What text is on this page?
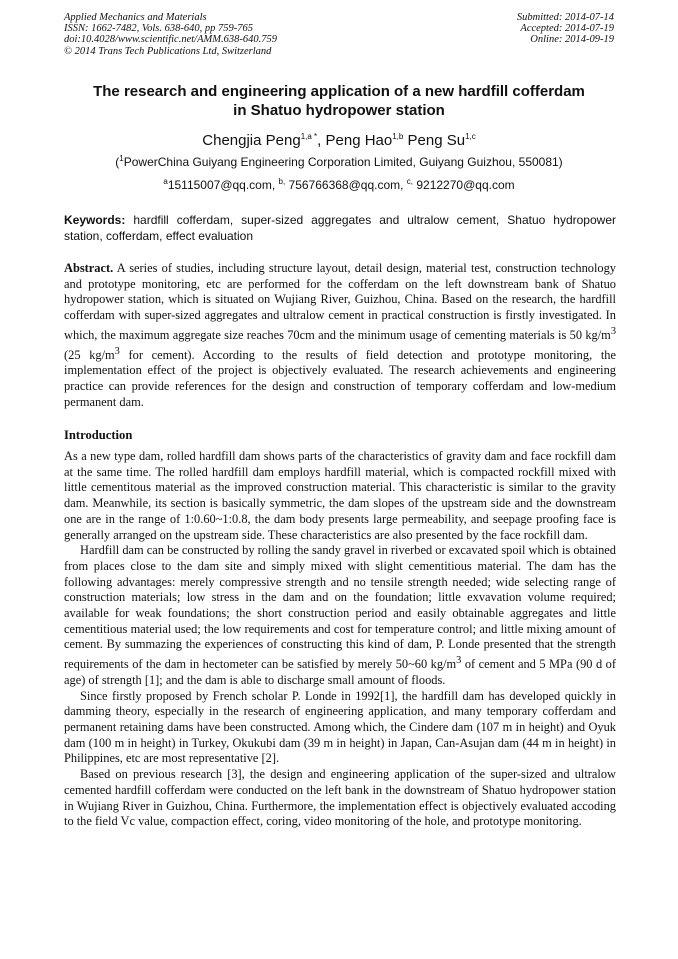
Applied Mechanics and Materials
ISSN: 1662-7482, Vols. 638-640, pp 759-765
doi:10.4028/www.scientific.net/AMM.638-640.759
© 2014 Trans Tech Publications Ltd, Switzerland
Submitted: 2014-07-14
Accepted: 2014-07-19
Online: 2014-09-19
The research and engineering application of a new hardfill cofferdam
in Shatuo hydropower station
Chengjia Peng$^{1,a *}$, Peng Hao$^{1,b}$ Peng Su$^{1,c}$
($^1$PowerChina Guiyang Engineering Corporation Limited, Guiyang Guizhou, 550081)
$^a$15115007@qq.com, $^{b,}$ 756766368@qq.com, $^{c,}$ 9212270@qq.com
Keywords: hardfill cofferdam, super-sized aggregates and ultralow cement, Shatuo hydropower station, cofferdam, effect evaluation
Abstract. A series of studies, including structure layout, detail design, material test, construction technology and prototype monitoring, etc are performed for the cofferdam on the left downstream bank of Shatuo hydropower station, which is situated on Wujiang River, Guizhou, China. Based on the research, the hardfill cofferdam with super-sized aggregates and ultralow cement in practical construction is firstly investigated. In which, the maximum aggregate size reaches 70cm and the minimum usage of cementing materials is 50 $kg/m^3$ (25 $kg/m^3$ for cement). According to the results of field detection and prototype monitoring, the implementation effect of the project is objectively evaluated. The research achievements and engineering practice can provide references for the design and construction of temporary cofferdam and low-medium permanent dam.
Introduction

As a new type dam, rolled hardfill dam shows parts of the characteristics of gravity dam and face rockfill dam at the same time. The rolled hardfill dam employs hardfill material, which is compacted rockfill mixed with little cementitous material as the improved construction material. This characteristic is similar to the gravity dam. Meanwhile, its section is basically symmetric, the dam slopes of the upstream side and the downstream one are in the range of 1:0.60~1:0.8, the dam body presents large permeability, and seepage proofing face is generally arranged on the upstream side. These characteristics are also presented by the face rockfill dam.

Hardfill dam can be constructed by rolling the sandy gravel in riverbed or excavated spoil which is obtained from places close to the dam site and simply mixed with slight cementitious material. The dam has the following advantages: merely compressive strength and no tensile strength needed; wide selecting range of construction materials; low stress in the dam and on the foundation; little exvavation volume required; available for weak foundations; the short construction period and easily obtainable aggregates and little cementitious material used; the low requirements and cost for temperature control; and little mixing amount of cement. By summazing the experiences of constructing this kind of dam, P. Londe presented that the strength requirements of the dam in hectometer can be satisfied by merely 50~60 $kg/m^3$ of cement and 5 MPa (90 d of age) of strength [1]; and the dam is able to discharge small amount of floods.

Since firstly proposed by French scholar P. Londe in 1992[1], the hardfill dam has developed quickly in damming theory, especially in the research of engineering application, and many temporary cofferdam and permanent retaining dams have been constructed. Among which, the Cindere dam (107 m in height) and Oyuk dam (100 m in height) in Turkey, Okukubi dam (39 m in height) in Japan, Can-Asujan dam (44 m in height) in Philippines, etc are most representative [2].

Based on previous research [3], the design and engineering application of the super-sized and ultralow cemented hardfill cofferdam were conducted on the left bank in the downstream of Shatuo hydropower station in Wujiang River in Guizhou, China. Furthermore, the implementation effect is objectively evaluated accoding to the field Vc value, compaction effect, coring, video monitoring of the hole, and prototype monitoring.
